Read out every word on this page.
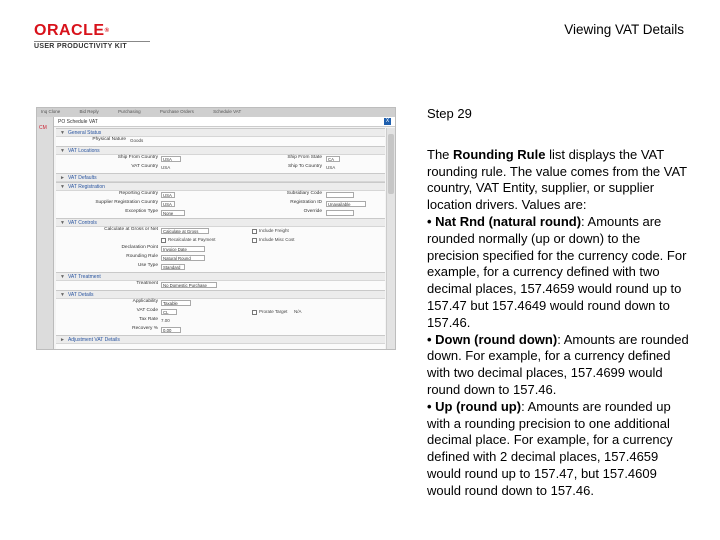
ORACLE®
USER PRODUCTIVITY KIT
Viewing VAT Details
Inq Clone	Bid Reply	Purchasing	Purchase Orders	Schedule VAT
CM
PO Schedule VAT	X
▼ General Status
Physical Nature Goods
▼ VAT Locations
Ship From Country	USA	Ship From State	CA
VAT Country USA	Ship To Country USA
► VAT Defaults
▼ VAT Registration
Reporting Country	USA	Subsidiary Code
Supplier Registration Country	USA	Registration ID	Unavailable
Exception Type	None	Override
▼ VAT Controls
Calculate at Gross or Net	Calculate at Gross	Include Freight
Recalculate at Payment	Include Misc Cost
Declaration Point	Invoice Date
Rounding Rule	Natural Round
Use Type	Standard
▼ VAT Treatment
Treatment	No Domestic Purchase
▼ VAT Details
Applicability	Taxable
VAT Code	CL	Prorate Target N/A
Tax Rate 7.00
Recovery %	0.00
► Adjustment VAT Details
Step 29
The Rounding Rule list displays the VAT rounding rule. The value comes from the VAT country, VAT Entity, supplier, or supplier location drivers. Values are:
• Nat Rnd (natural round): Amounts are rounded normally (up or down) to the precision specified for the currency code. For example, for a currency defined with two decimal places, 157.4659 would round up to 157.47 but 157.4649 would round down to 157.46.
• Down (round down): Amounts are rounded down. For example, for a currency defined with two decimal places, 157.4699 would round down to 157.46.
• Up (round up): Amounts are rounded up with a rounding precision to one additional decimal place. For example, for a currency defined with 2 decimal places, 157.4659 would round up to 157.47, but 157.4609 would round down to 157.46.
